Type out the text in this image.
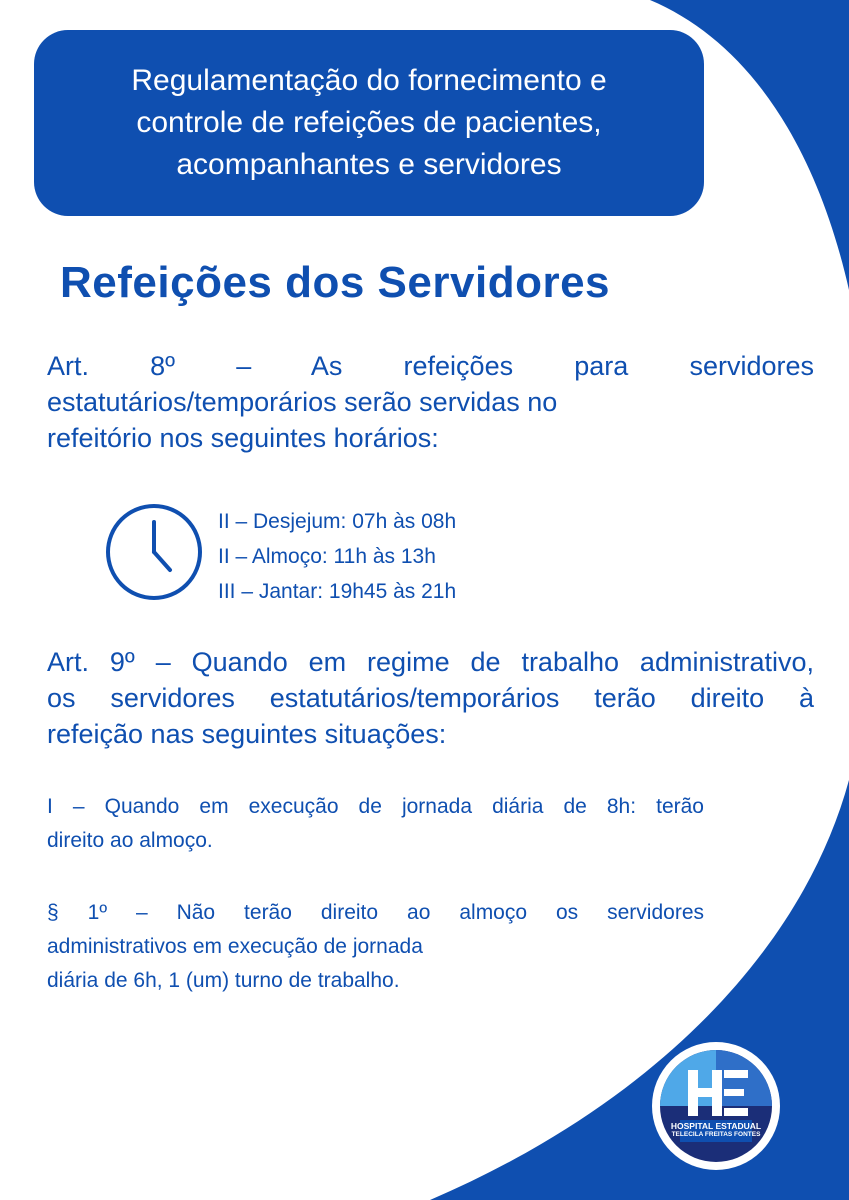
Regulamentação do fornecimento e
controle de refeições de pacientes,
acompanhantes e servidores
Refeições dos Servidores

Art. 8º – As refeições para servidores
estatutários/temporários serão servidas no
refeitório nos seguintes horários:

II – Desjejum: 07h às 08h
II – Almoço: 11h às 13h
III – Jantar: 19h45 às 21h

Art. 9º – Quando em regime de trabalho administrativo,
os servidores estatutários/temporários terão direito à
refeição nas seguintes situações:

I – Quando em execução de jornada diária de 8h: terão
direito ao almoço.

§ 1º – Não terão direito ao almoço os servidores
administrativos em execução de jornada
diária de 6h, 1 (um) turno de trabalho.

HOSPITAL ESTADUAL
TELECILA FREITAS FONTES
